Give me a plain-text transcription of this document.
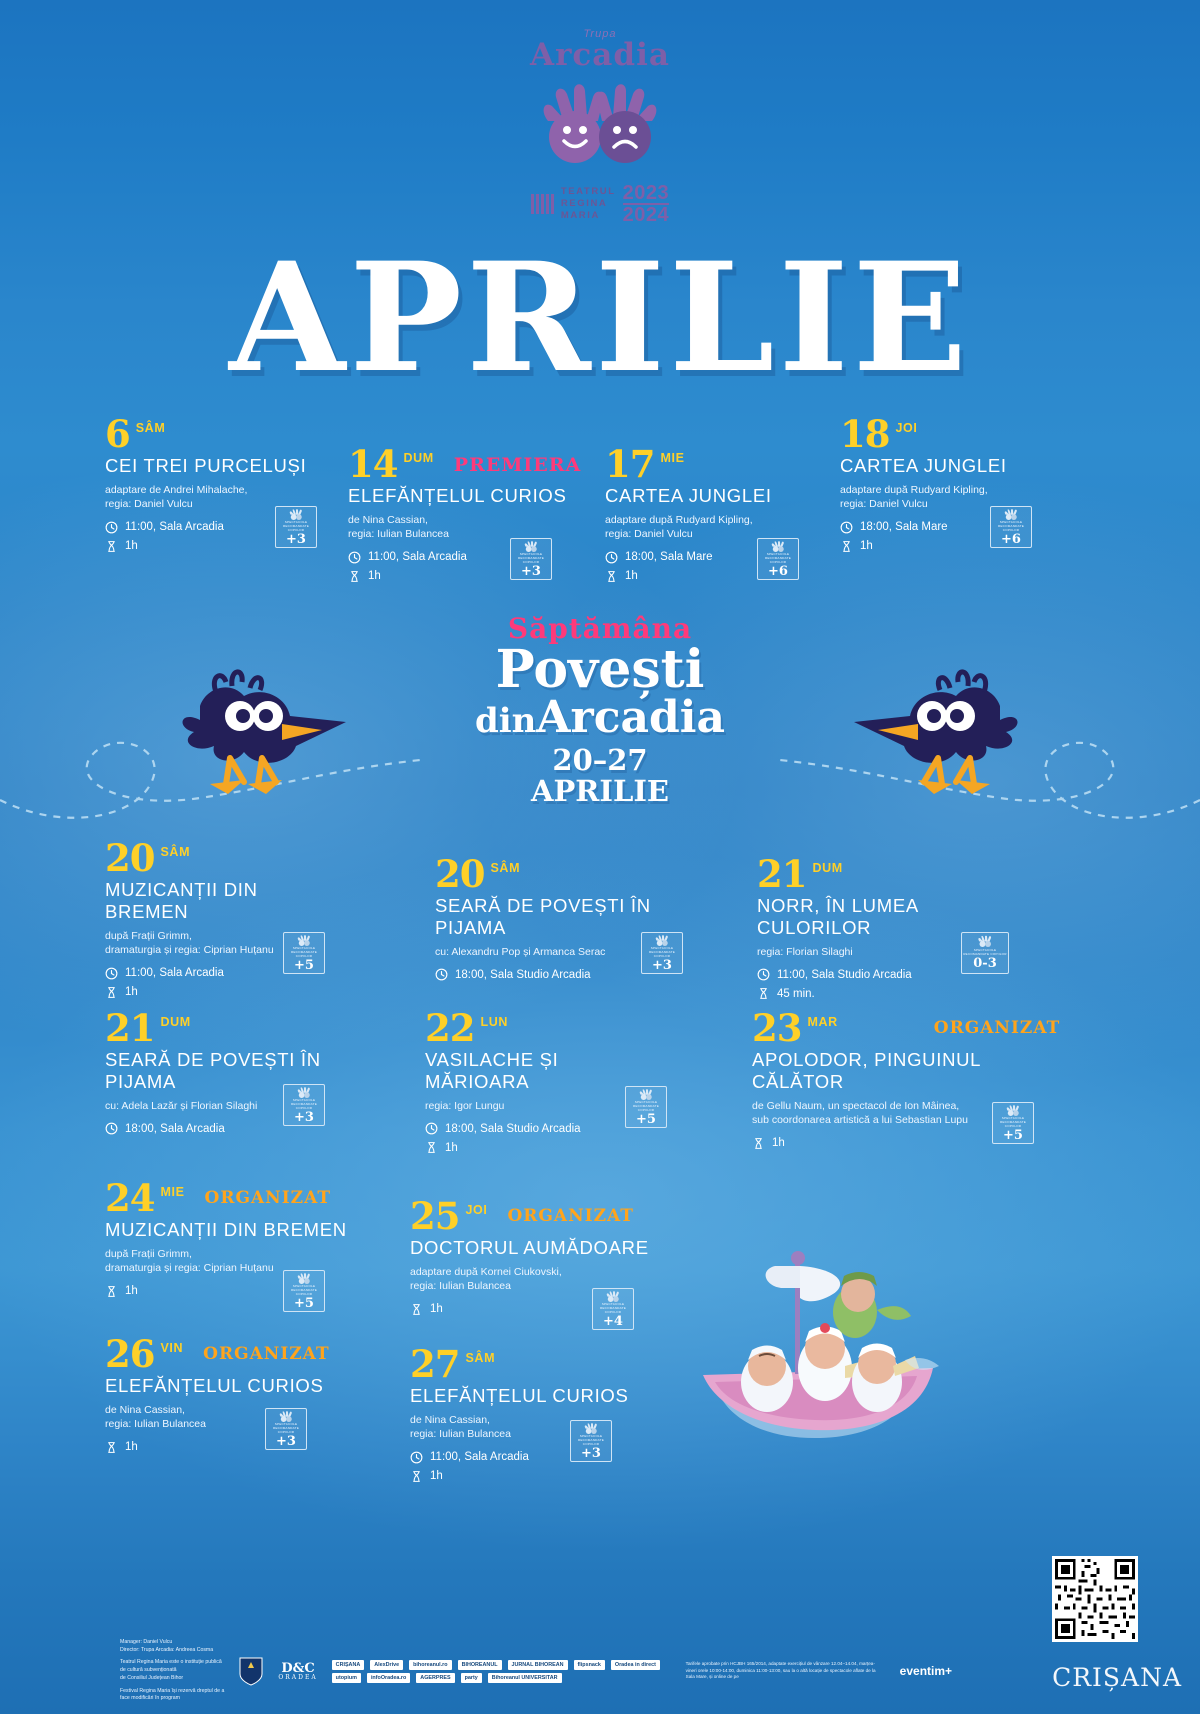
Trupa
Arcadia
TEATRUL
REGINA
MARIA
2023
2024
APRILIE
Săptămâna
Povești
dinArcadia
20–27
APRILIE
6 SÂM
CEI TREI PURCELUȘI
adaptare de Andrei Mihalache,
regia: Daniel Vulcu
11:00, Sala Arcadia
1h
SPECTACOLE RECOMANDATE COPIILOR
+3
14 DUM PREMIERA
ELEFĂNȚELUL CURIOS
de Nina Cassian,
regia: Iulian Bulancea
11:00, Sala Arcadia
1h
SPECTACOLE RECOMANDATE COPIILOR
+3
17 MIE
CARTEA JUNGLEI
adaptare după Rudyard Kipling,
regia: Daniel Vulcu
18:00, Sala Mare
1h
SPECTACOLE RECOMANDATE COPIILOR
+6
18 JOI
CARTEA JUNGLEI
adaptare după Rudyard Kipling,
regia: Daniel Vulcu
18:00, Sala Mare
1h
SPECTACOLE RECOMANDATE COPIILOR
+6
20 SÂM
MUZICANȚII DIN BREMEN
după Frații Grimm,
dramaturgia și regia: Ciprian Huțanu
11:00, Sala Arcadia
1h
SPECTACOLE RECOMANDATE COPIILOR
+5
20 SÂM
SEARĂ DE POVEȘTI ÎN PIJAMA
cu: Alexandru Pop și Armanca Serac
18:00, Sala Studio Arcadia
SPECTACOLE RECOMANDATE COPIILOR
+3
21 DUM
NORR, ÎN LUMEA CULORILOR
regia: Florian Silaghi
11:00, Sala Studio Arcadia
45 min.
SPECTACOLE RECOMANDATE COPIILOR
0-3
21 DUM
SEARĂ DE POVEȘTI ÎN PIJAMA
cu: Adela Lazăr și Florian Silaghi
18:00, Sala Arcadia
SPECTACOLE RECOMANDATE COPIILOR
+3
22 LUN
VASILACHE ȘI MĂRIOARA
regia: Igor Lungu
18:00, Sala Studio Arcadia
1h
SPECTACOLE RECOMANDATE COPIILOR
+5
23 MAR	ORGANIZAT
APOLODOR, PINGUINUL CĂLĂTOR
de Gellu Naum, un spectacol de Ion Mâinea,
sub coordonarea artistică a lui Sebastian Lupu
1h
SPECTACOLE RECOMANDATE COPIILOR
+5
24 MIE ORGANIZAT
MUZICANȚII DIN BREMEN
după Frații Grimm,
dramaturgia și regia: Ciprian Huțanu
1h	SPECTACOLE RECOMANDATE COPIILOR
+5
25 JOI ORGANIZAT
DOCTORUL AUMĂDOARE
adaptare după Kornei Ciukovski,
regia: Iulian Bulancea
1h	SPECTACOLE RECOMANDATE COPIILOR
+4
26 VIN ORGANIZAT
ELEFĂNȚELUL CURIOS
de Nina Cassian,
regia: Iulian Bulancea
1h
SPECTACOLE RECOMANDATE COPIILOR
+3
27 SÂM
ELEFĂNȚELUL CURIOS
de Nina Cassian,
regia: Iulian Bulancea
11:00, Sala Arcadia
1h
SPECTACOLE RECOMANDATE COPIILOR
+3
CRIȘANA
Manager: Daniel Vulcu
Director: Trupa Arcadia: Andreea Cosma
Teatrul Regina Maria este o instituție publică
de cultură subvenționată
de Consiliul Județean Bihor
Festival Regina Maria își rezervă dreptul de a
face modificări în program
D&C
ORADEA
CRIȘANA	AlexDrive	bihoreanul.ro	BIHOREANUL	JURNAL BIHOREAN	flipsnack	Oradea in direct
utopium	infoOradea.ro	AGERPRES	party	Bihoreanul UNIVERSITAR
Tarifele aprobate prin HCJBH 165/2014, adaptate exercițiul de vânzare 12.04–14.04, marțea-vineri orele 10:00-14:00, duminica 11:00-13:00, sau la o altă locație de spectacole aflate de la Sala Mare, și online de pe	eventim+
